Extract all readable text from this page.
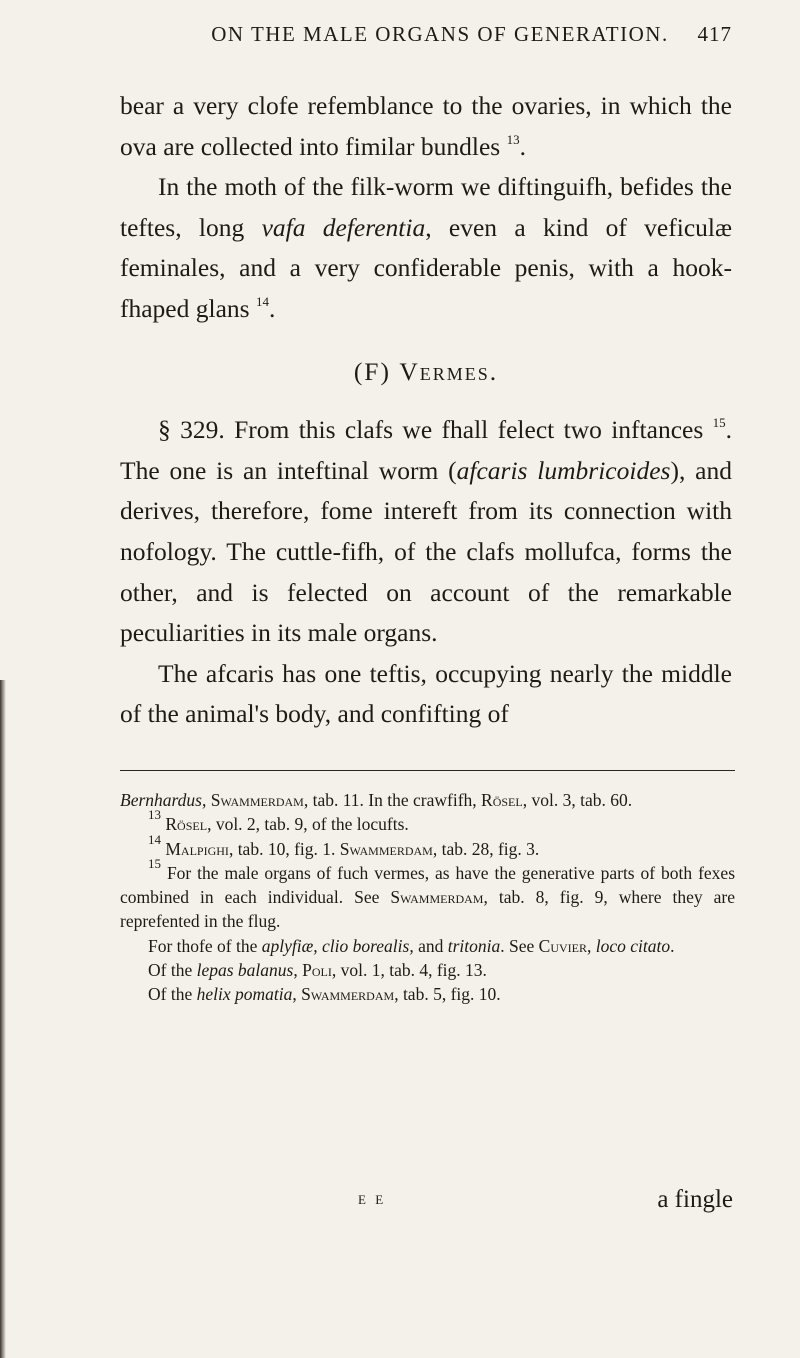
ON THE MALE ORGANS OF GENERATION. 417

bear a very clofe refemblance to the ovaries, in which the ova are collected into fimilar bundles $^{13}$.

In the moth of the filk-worm we diftinguifh, befides the teftes, long vafa deferentia, even a kind of veficulæ feminales, and a very confiderable penis, with a hook-fhaped glans $^{14}$.

(F) Vermes.

§ 329. From this clafs we fhall felect two inftances $^{15}$. The one is an inteftinal worm (afcaris lumbricoides), and derives, therefore, fome intereft from its connection with nofology. The cuttle-fifh, of the clafs mollufca, forms the other, and is felected on account of the remarkable peculiarities in its male organs.

The afcaris has one teftis, occupying nearly the middle of the animal's body, and confifting of

Bernhardus, Swammerdam, tab. 11. In the crawfifh, Rösel, vol. 3, tab. 60.

$^{13}$ Rösel, vol. 2, tab. 9, of the locufts.

$^{14}$ Malpighi, tab. 10, fig. 1. Swammerdam, tab. 28, fig. 3.

$^{15}$ For the male organs of fuch vermes, as have the generative parts of both fexes combined in each individual. See Swammerdam, tab. 8, fig. 9, where they are reprefented in the flug.

For thofe of the aplyfiæ, clio borealis, and tritonia. See Cuvier, loco citato.

Of the lepas balanus, Poli, vol. 1, tab. 4, fig. 13.

Of the helix pomatia, Swammerdam, tab. 5, fig. 10.

E E	a fingle
